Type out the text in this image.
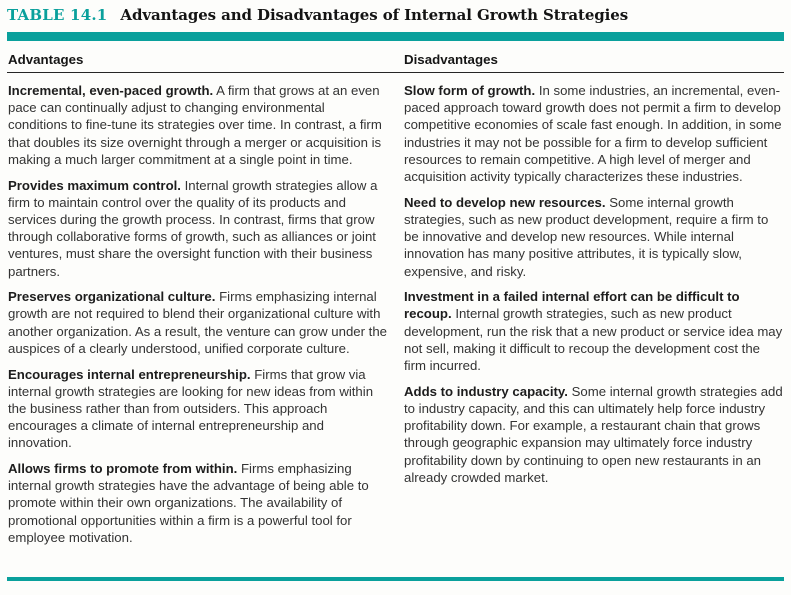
TABLE 14.1 Advantages and Disadvantages of Internal Growth Strategies
Advantages	Disadvantages

Incremental, even-paced growth. A firm that grows at an even pace can continually adjust to changing environmental conditions to fine-tune its strategies over time. In contrast, a firm that doubles its size overnight through a merger or acquisition is making a much larger commitment at a single point in time.

Provides maximum control. Internal growth strategies allow a firm to maintain control over the quality of its products and services during the growth process. In contrast, firms that grow through collaborative forms of growth, such as alliances or joint ventures, must share the oversight function with their business partners.

Preserves organizational culture. Firms emphasizing internal growth are not required to blend their organizational culture with another organization. As a result, the venture can grow under the auspices of a clearly understood, unified corporate culture.

Encourages internal entrepreneurship. Firms that grow via internal growth strategies are looking for new ideas from within the business rather than from outsiders. This approach encourages a climate of internal entrepreneurship and innovation.

Allows firms to promote from within. Firms emphasizing internal growth strategies have the advantage of being able to promote within their own organizations. The availability of promotional opportunities within a firm is a powerful tool for employee motivation.

Slow form of growth. In some industries, an incremental, even-paced approach toward growth does not permit a firm to develop competitive economies of scale fast enough. In addition, in some industries it may not be possible for a firm to develop sufficient resources to remain competitive. A high level of merger and acquisition activity typically characterizes these industries.

Need to develop new resources. Some internal growth strategies, such as new product development, require a firm to be innovative and develop new resources. While internal innovation has many positive attributes, it is typically slow, expensive, and risky.

Investment in a failed internal effort can be difficult to recoup. Internal growth strategies, such as new product development, run the risk that a new product or service idea may not sell, making it difficult to recoup the development cost the firm incurred.

Adds to industry capacity. Some internal growth strategies add to industry capacity, and this can ultimately help force industry profitability down. For example, a restaurant chain that grows through geographic expansion may ultimately force industry profitability down by continuing to open new restaurants in an already crowded market.
